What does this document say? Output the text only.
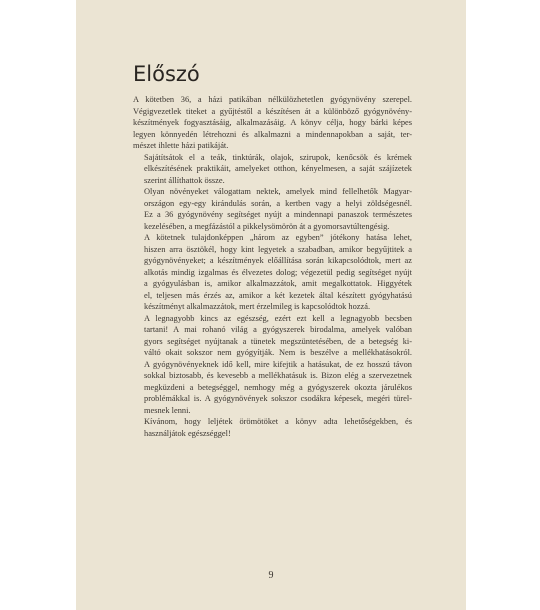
Előszó
A kötetben 36, a házi patikában nélkülözhetetlen gyógynövény szerepel.
Végigvezetlek titeket a gyűjtéstől a készítésen át a különböző gyógynövény-
készítmények fogyasztásáig, alkalmazásáig. A könyv célja, hogy bárki képes
legyen könnyedén létrehozni és alkalmazni a mindennapokban a saját, ter-
mészet ihlette házi patikáját.
Sajátítsátok el a teák, tinktúrák, olajok, szirupok, kenőcsök és krémek
elkészítésének praktikáit, amelyeket otthon, kényelmesen, a saját szájízetek
szerint állíthattok össze.
Olyan növényeket válogattam nektek, amelyek mind fellelhetők Magyar-
országon egy-egy kirándulás során, a kertben vagy a helyi zöldségesnél.
Ez a 36 gyógynövény segítséget nyújt a mindennapi panaszok természetes
kezelésében, a megfázástól a pikkelysömörön át a gyomorsavtúltengésig.
A kötetnek tulajdonképpen „három az egyben” jótékony hatása lehet,
hiszen arra ösztökél, hogy kint legyetek a szabadban, amikor begyűjtitek a
gyógynövényeket; a készítmények előállítása során kikapcsolódtok, mert az
alkotás mindig izgalmas és élvezetes dolog; végezetül pedig segítséget nyújt
a gyógyulásban is, amikor alkalmazzátok, amit megalkottatok. Higgyétek
el, teljesen más érzés az, amikor a két kezetek által készített gyógyhatású
készítményt alkalmazzátok, mert érzelmileg is kapcsolódtok hozzá.
A legnagyobb kincs az egészség, ezért ezt kell a legnagyobb becsben
tartani! A mai rohanó világ a gyógyszerek birodalma, amelyek valóban
gyors segítséget nyújtanak a tünetek megszüntetésében, de a betegség ki-
váltó okait sokszor nem gyógyítják. Nem is beszélve a mellékhatásokról.
A gyógynövényeknek idő kell, mire kifejtik a hatásukat, de ez hosszú távon
sokkal biztosabb, és kevesebb a mellékhatásuk is. Bizon elég a szervezetnek
megküzdeni a betegséggel, nemhogy még a gyógyszerek okozta járulékos
problémákkal is. A gyógynövények sokszor csodákra képesek, megéri türel-
mesnek lenni.
Kívánom, hogy leljétek örömötöket a könyv adta lehetőségekben, és
használjátok egészséggel!
9
